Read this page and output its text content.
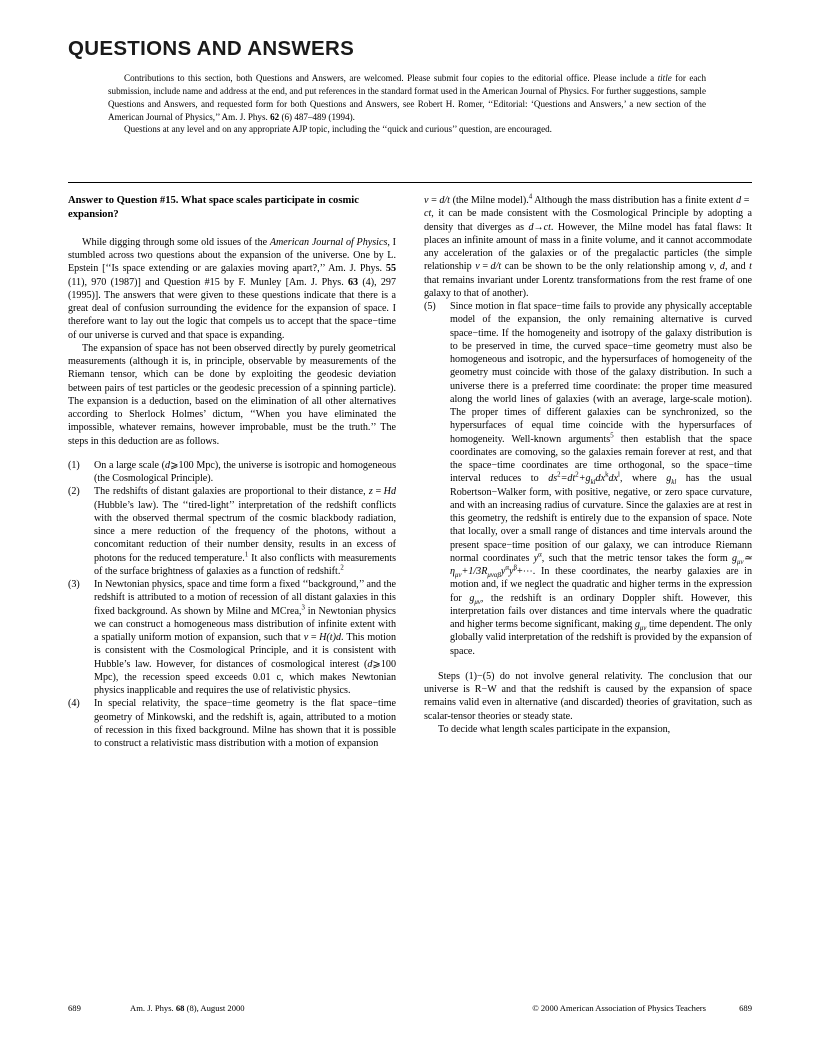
QUESTIONS AND ANSWERS

Contributions to this section, both Questions and Answers, are welcomed. Please submit four copies to the editorial office. Please include a title for each submission, include name and address at the end, and put references in the standard format used in the American Journal of Physics. For further suggestions, sample Questions and Answers, and requested form for both Questions and Answers, see Robert H. Romer, ‘‘Editorial: ‘Questions and Answers,’ a new section of the American Journal of Physics,’’ Am. J. Phys. 62 (6) 487–489 (1994).

Questions at any level and on any appropriate AJP topic, including the ‘‘quick and curious’’ question, are encouraged.

Answer to Question #15. What space scales participate in cosmic expansion?

While digging through some old issues of the American Journal of Physics, I stumbled across two questions about the expansion of the universe. One by L. Epstein [‘‘Is space extending or are galaxies moving apart?,’’ Am. J. Phys. 55 (11), 970 (1987)] and Question #15 by F. Munley [Am. J. Phys. 63 (4), 297 (1995)]. The answers that were given to these questions indicate that there is a great deal of confusion surrounding the evidence for the expansion of space. I therefore want to lay out the logic that compels us to accept that the space−time of our universe is curved and that space is expanding.

The expansion of space has not been observed directly by purely geometrical measurements (although it is, in principle, observable by measurements of the Riemann tensor, which can be done by exploiting the geodesic deviation between pairs of test particles or the geodesic precession of a spinning particle). The expansion is a deduction, based on the elimination of all other alternatives according to Sherlock Holmes’ dictum, ‘‘When you have eliminated the impossible, whatever remains, however improbable, must be the truth.’’ The steps in this deduction are as follows.

(1)	On a large scale (d⩾100 Mpc), the universe is isotropic and homogeneous (the Cosmological Principle).
(2)	The redshifts of distant galaxies are proportional to their distance, z = Hd (Hubble’s law). The ‘‘tired-light’’ interpretation of the redshift conflicts with the observed thermal spectrum of the cosmic blackbody radiation, since a mere reduction of the frequency of the photons, without a concomitant reduction of their number density, results in an excess of photons for the reduced temperature.$^1$ It also conflicts with measurements of the surface brightness of galaxies as a function of redshift.$^2$
(3)	In Newtonian physics, space and time form a fixed ‘‘background,’’ and the redshift is attributed to a motion of recession of all distant galaxies in this fixed background. As shown by Milne and MCrea,$^3$ in Newtonian physics we can construct a homogeneous mass distribution of infinite extent with a spatially uniform motion of expansion, such that v = H(t)d. This motion is consistent with the Cosmological Principle, and it is consistent with Hubble’s law. However, for distances of cosmological interest (d⩾100 Mpc), the recession speed exceeds 0.01 c, which makes Newtonian physics inapplicable and requires the use of relativistic physics.
(4)	In special relativity, the space−time geometry is the flat space−time geometry of Minkowski, and the redshift is, again, attributed to a motion of recession in this fixed background. Milne has shown that it is possible to construct a relativistic mass distribution with a motion of expansion

v = d/t (the Milne model).$^4$ Although the mass distribution has a finite extent d = ct, it can be made consistent with the Cosmological Principle by adopting a density that diverges as d→ct. However, the Milne model has fatal flaws: It places an infinite amount of mass in a finite volume, and it cannot accommodate any acceleration of the galaxies or of the pregalactic particles (the simple relationship v = d/t can be shown to be the only relationship among v, d, and t that remains invariant under Lorentz transformations from the rest frame of one galaxy to that of another).

(5)	Since motion in flat space−time fails to provide any physically acceptable model of the expansion, the only remaining alternative is curved space−time. If the homogeneity and isotropy of the galaxy distribution is to be preserved in time, the curved space−time geometry must also be homogeneous and isotropic, and the hypersurfaces of homogeneity of the geometry must coincide with those of the galaxy distribution. In such a universe there is a preferred time coordinate: the proper time measured along the world lines of galaxies (with an average, large-scale motion). The proper times of different galaxies can be synchronized, so the hypersurfaces of equal time coincide with the hypersurfaces of homogeneity. Well-known arguments$^5$ then establish that the space coordinates are comoving, so the galaxies remain forever at rest, and that the space−time coordinates are time orthogonal, so the space−time interval reduces to $ds^2=dt^2+g_{kl}dx^kdx^l$, where $g_{kl}$ has the usual Robertson−Walker form, with positive, negative, or zero space curvature, and with an increasing radius of curvature. Since the galaxies are at rest in this geometry, the redshift is entirely due to the expansion of space. Note that locally, over a small range of distances and time intervals around the present space−time position of our galaxy, we can introduce Riemann normal coordinates $y^\alpha$, such that the metric tensor takes the form $g_{\mu\nu}≃$ $\eta_{\mu\nu}+1/3R_{\mu\nu\alpha\beta}y^\alpha y^\beta+\cdots$. In these coordinates, the nearby galaxies are in motion and, if we neglect the quadratic and higher terms in the expression for $g_{\mu\nu}$, the redshift is an ordinary Doppler shift. However, this interpretation fails over distances and time intervals where the quadratic and higher terms become significant, making $g_{\mu\nu}$ time dependent. The only globally valid interpretation of the redshift is provided by the expansion of space.

Steps (1)−(5) do not involve general relativity. The conclusion that our universe is R−W and that the redshift is caused by the expansion of space remains valid even in alternative (and discarded) theories of gravitation, such as scalar-tensor theories or steady state.

To decide what length scales participate in the expansion,

689	Am. J. Phys. 68 (8), August 2000	© 2000 American Association of Physics Teachers	689
